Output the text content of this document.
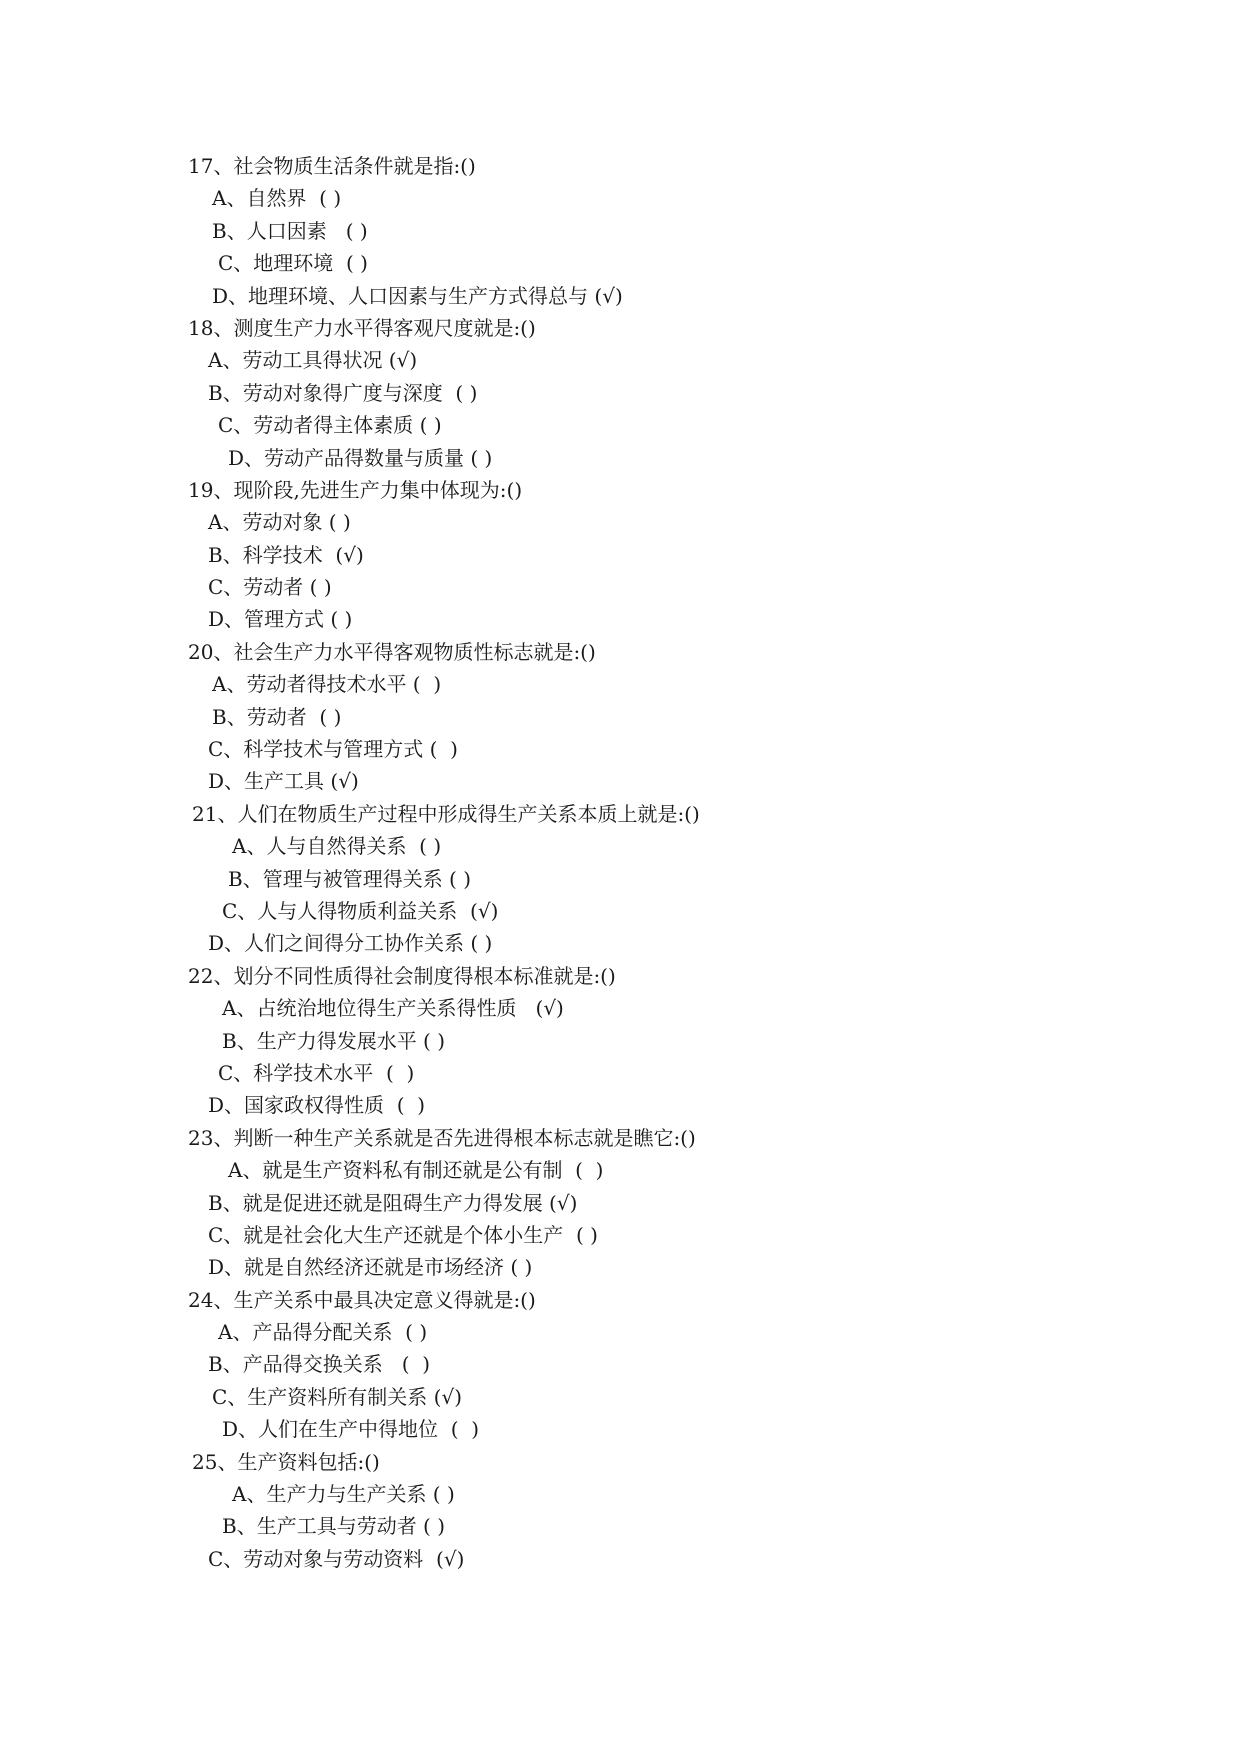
17、社会物质生活条件就是指:()
A、自然界  ( )
B、人口因素   ( )
C、地理环境  ( )
D、地理环境、人口因素与生产方式得总与 (√)
18、测度生产力水平得客观尺度就是:()
A、劳动工具得状况 (√)
B、劳动对象得广度与深度  ( )
C、劳动者得主体素质 ( )
D、劳动产品得数量与质量 ( )
19、现阶段,先进生产力集中体现为:()
A、劳动对象 ( )
B、科学技术  (√)
C、劳动者 ( )
D、管理方式 ( )
20、社会生产力水平得客观物质性标志就是:()
A、劳动者得技术水平 (  )
B、劳动者  ( )
C、科学技术与管理方式 (  )
D、生产工具 (√)
21、人们在物质生产过程中形成得生产关系本质上就是:()
A、人与自然得关系  ( )
B、管理与被管理得关系 ( )
C、人与人得物质利益关系  (√)
D、人们之间得分工协作关系 ( )
22、划分不同性质得社会制度得根本标准就是:()
A、占统治地位得生产关系得性质   (√)
B、生产力得发展水平 ( )
C、科学技术水平  (  )
D、国家政权得性质  (  )
23、判断一种生产关系就是否先进得根本标志就是瞧它:()
A、就是生产资料私有制还就是公有制  (  )
B、就是促进还就是阻碍生产力得发展 (√)
C、就是社会化大生产还就是个体小生产  ( )
D、就是自然经济还就是市场经济 ( )
24、生产关系中最具决定意义得就是:()
A、产品得分配关系  ( )
B、产品得交换关系   (  )
C、生产资料所有制关系 (√)
D、人们在生产中得地位  (  )
25、生产资料包括:()
A、生产力与生产关系 ( )
B、生产工具与劳动者 ( )
C、劳动对象与劳动资料  (√)
